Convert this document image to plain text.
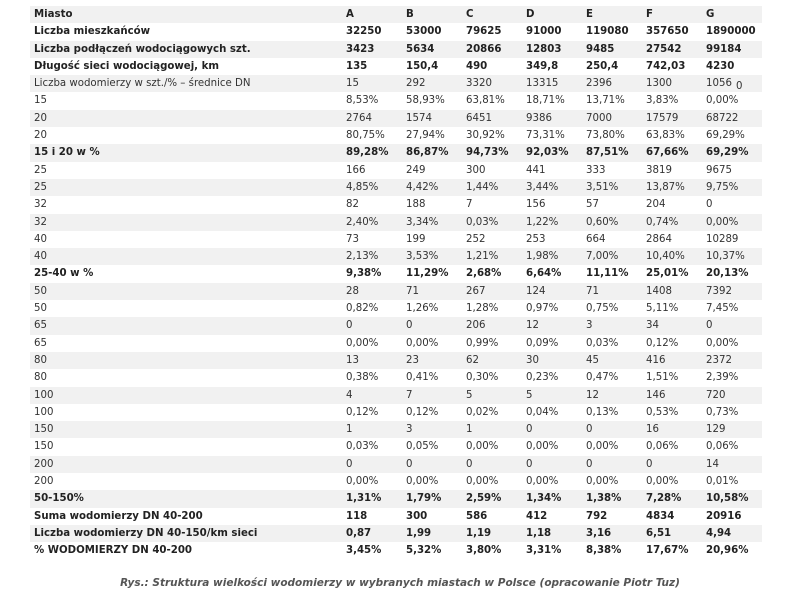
Miasto	A	B	C	D	E	F	G
Liczba mieszkańców	32250	53000	79625	91000	119080	357650	1890000
Liczba podłączeń wodociągowych szt.	3423	5634	20866	12803	9485	27542	99184
Długość sieci wodociągowej, km	135	150,4	490	349,8	250,4	742,03	4230
Liczba wodomierzy w szt./% – średnice DN	15	292	3320	13315	2396	1300	1056
15	8,53%	58,93%	63,81%	18,71%	13,71%	3,83%	0,00%
20	2764	1574	6451	9386	7000	17579	68722
20	80,75%	27,94%	30,92%	73,31%	73,80%	63,83%	69,29%
15 i 20 w %	89,28%	86,87%	94,73%	92,03%	87,51%	67,66%	69,29%
25	166	249	300	441	333	3819	9675
25	4,85%	4,42%	1,44%	3,44%	3,51%	13,87%	9,75%
32	82	188	7	156	57	204	0
32	2,40%	3,34%	0,03%	1,22%	0,60%	0,74%	0,00%
40	73	199	252	253	664	2864	10289
40	2,13%	3,53%	1,21%	1,98%	7,00%	10,40%	10,37%
25-40 w %	9,38%	11,29%	2,68%	6,64%	11,11%	25,01%	20,13%
50	28	71	267	124	71	1408	7392
50	0,82%	1,26%	1,28%	0,97%	0,75%	5,11%	7,45%
65	0	0	206	12	3	34	0
65	0,00%	0,00%	0,99%	0,09%	0,03%	0,12%	0,00%
80	13	23	62	30	45	416	2372
80	0,38%	0,41%	0,30%	0,23%	0,47%	1,51%	2,39%
100	4	7	5	5	12	146	720
100	0,12%	0,12%	0,02%	0,04%	0,13%	0,53%	0,73%
150	1	3	1	0	0	16	129
150	0,03%	0,05%	0,00%	0,00%	0,00%	0,06%	0,06%
200	0	0	0	0	0	0	14
200	0,00%	0,00%	0,00%	0,00%	0,00%	0,00%	0,01%
50-150%	1,31%	1,79%	2,59%	1,34%	1,38%	7,28%	10,58%
Suma wodomierzy DN 40-200	118	300	586	412	792	4834	20916
Liczba wodomierzy DN 40-150/km sieci	0,87	1,99	1,19	1,18	3,16	6,51	4,94
% WODOMIERZY DN 40-200	3,45%	5,32%	3,80%	3,31%	8,38%	17,67%	20,96%
0
Rys.: Struktura wielkości wodomierzy w wybranych miastach w Polsce (opracowanie Piotr Tuz)
